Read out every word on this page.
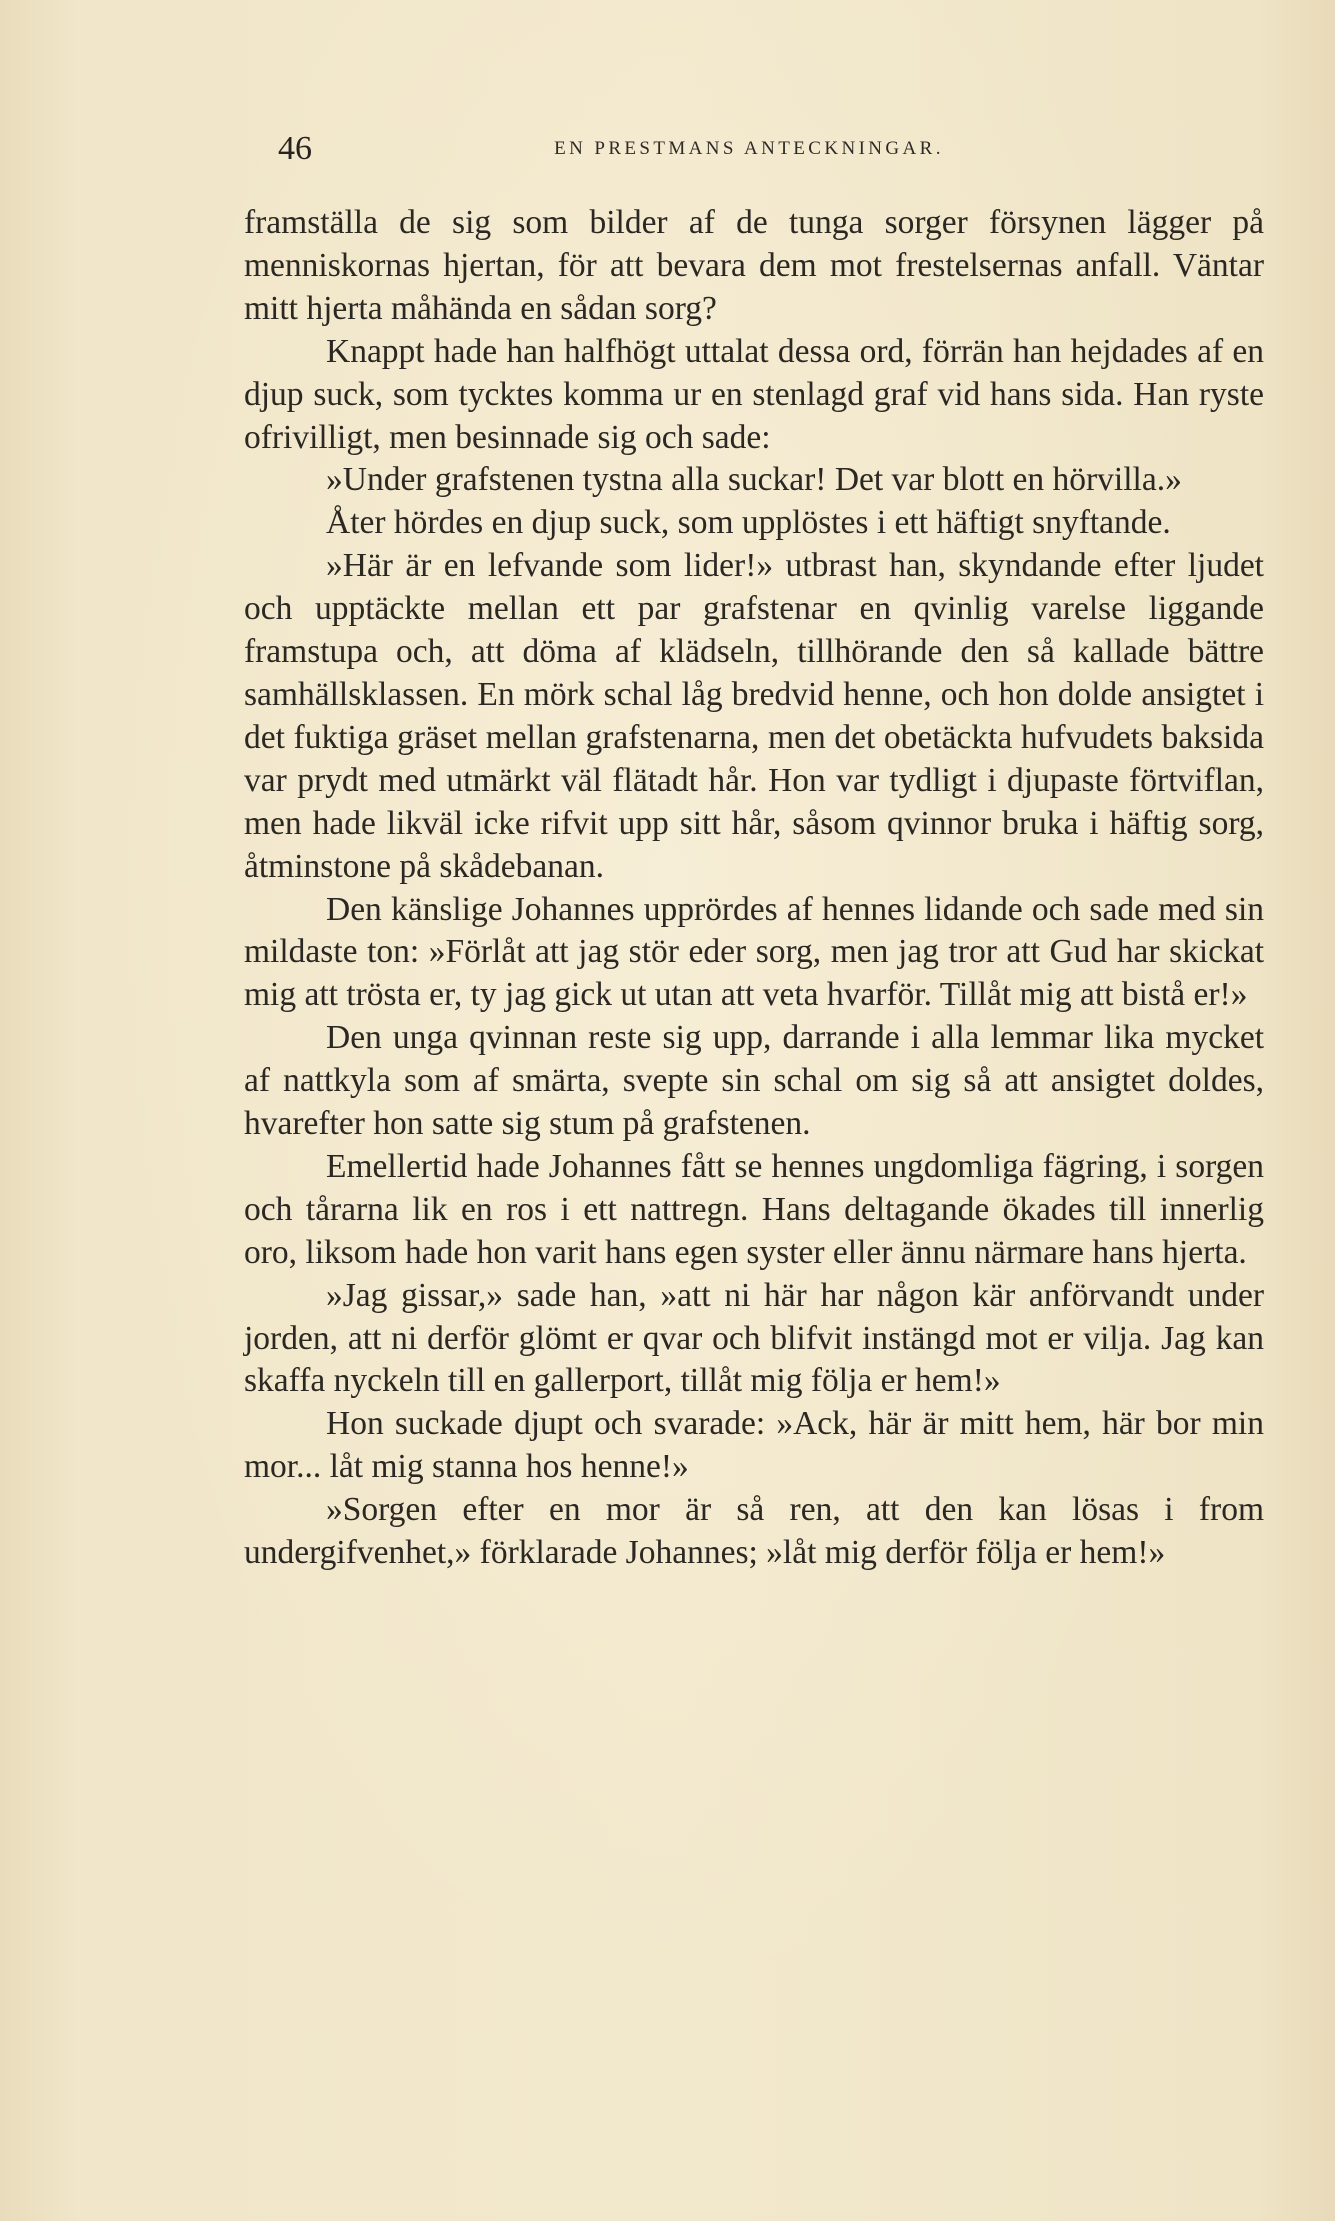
46	EN PRESTMANS ANTECKNINGAR.

framställa de sig som bilder af de tunga sorger försynen lägger på menniskornas hjertan, för att bevara dem mot frestelsernas anfall. Väntar mitt hjerta måhända en sådan sorg?

Knappt hade han halfhögt uttalat dessa ord, förrän han hejdades af en djup suck, som tycktes komma ur en stenlagd graf vid hans sida. Han ryste ofrivilligt, men besinnade sig och sade:

»Under grafstenen tystna alla suckar! Det var blott en hörvilla.»

Åter hördes en djup suck, som upplöstes i ett häftigt snyftande.

»Här är en lefvande som lider!» utbrast han, skyndande efter ljudet och upptäckte mellan ett par grafstenar en qvinlig varelse liggande framstupa och, att döma af klädseln, tillhörande den så kallade bättre samhällsklassen. En mörk schal låg bredvid henne, och hon dolde ansigtet i det fuktiga gräset mellan grafstenarna, men det obetäckta hufvudets baksida var prydt med utmärkt väl flätadt hår. Hon var tydligt i djupaste förtviflan, men hade likväl icke rifvit upp sitt hår, såsom qvinnor bruka i häftig sorg, åtminstone på skådebanan.

Den känslige Johannes upprördes af hennes lidande och sade med sin mildaste ton: »Förlåt att jag stör eder sorg, men jag tror att Gud har skickat mig att trösta er, ty jag gick ut utan att veta hvarför. Tillåt mig att bistå er!»

Den unga qvinnan reste sig upp, darrande i alla lemmar lika mycket af nattkyla som af smärta, svepte sin schal om sig så att ansigtet doldes, hvarefter hon satte sig stum på grafstenen.

Emellertid hade Johannes fått se hennes ungdomliga fägring, i sorgen och tårarna lik en ros i ett nattregn. Hans deltagande ökades till innerlig oro, liksom hade hon varit hans egen syster eller ännu närmare hans hjerta.

»Jag gissar,» sade han, »att ni här har någon kär anförvandt under jorden, att ni derför glömt er qvar och blifvit instängd mot er vilja. Jag kan skaffa nyckeln till en gallerport, tillåt mig följa er hem!»

Hon suckade djupt och svarade: »Ack, här är mitt hem, här bor min mor... låt mig stanna hos henne!»

»Sorgen efter en mor är så ren, att den kan lösas i from undergifvenhet,» förklarade Johannes; »låt mig derför följa er hem!»
